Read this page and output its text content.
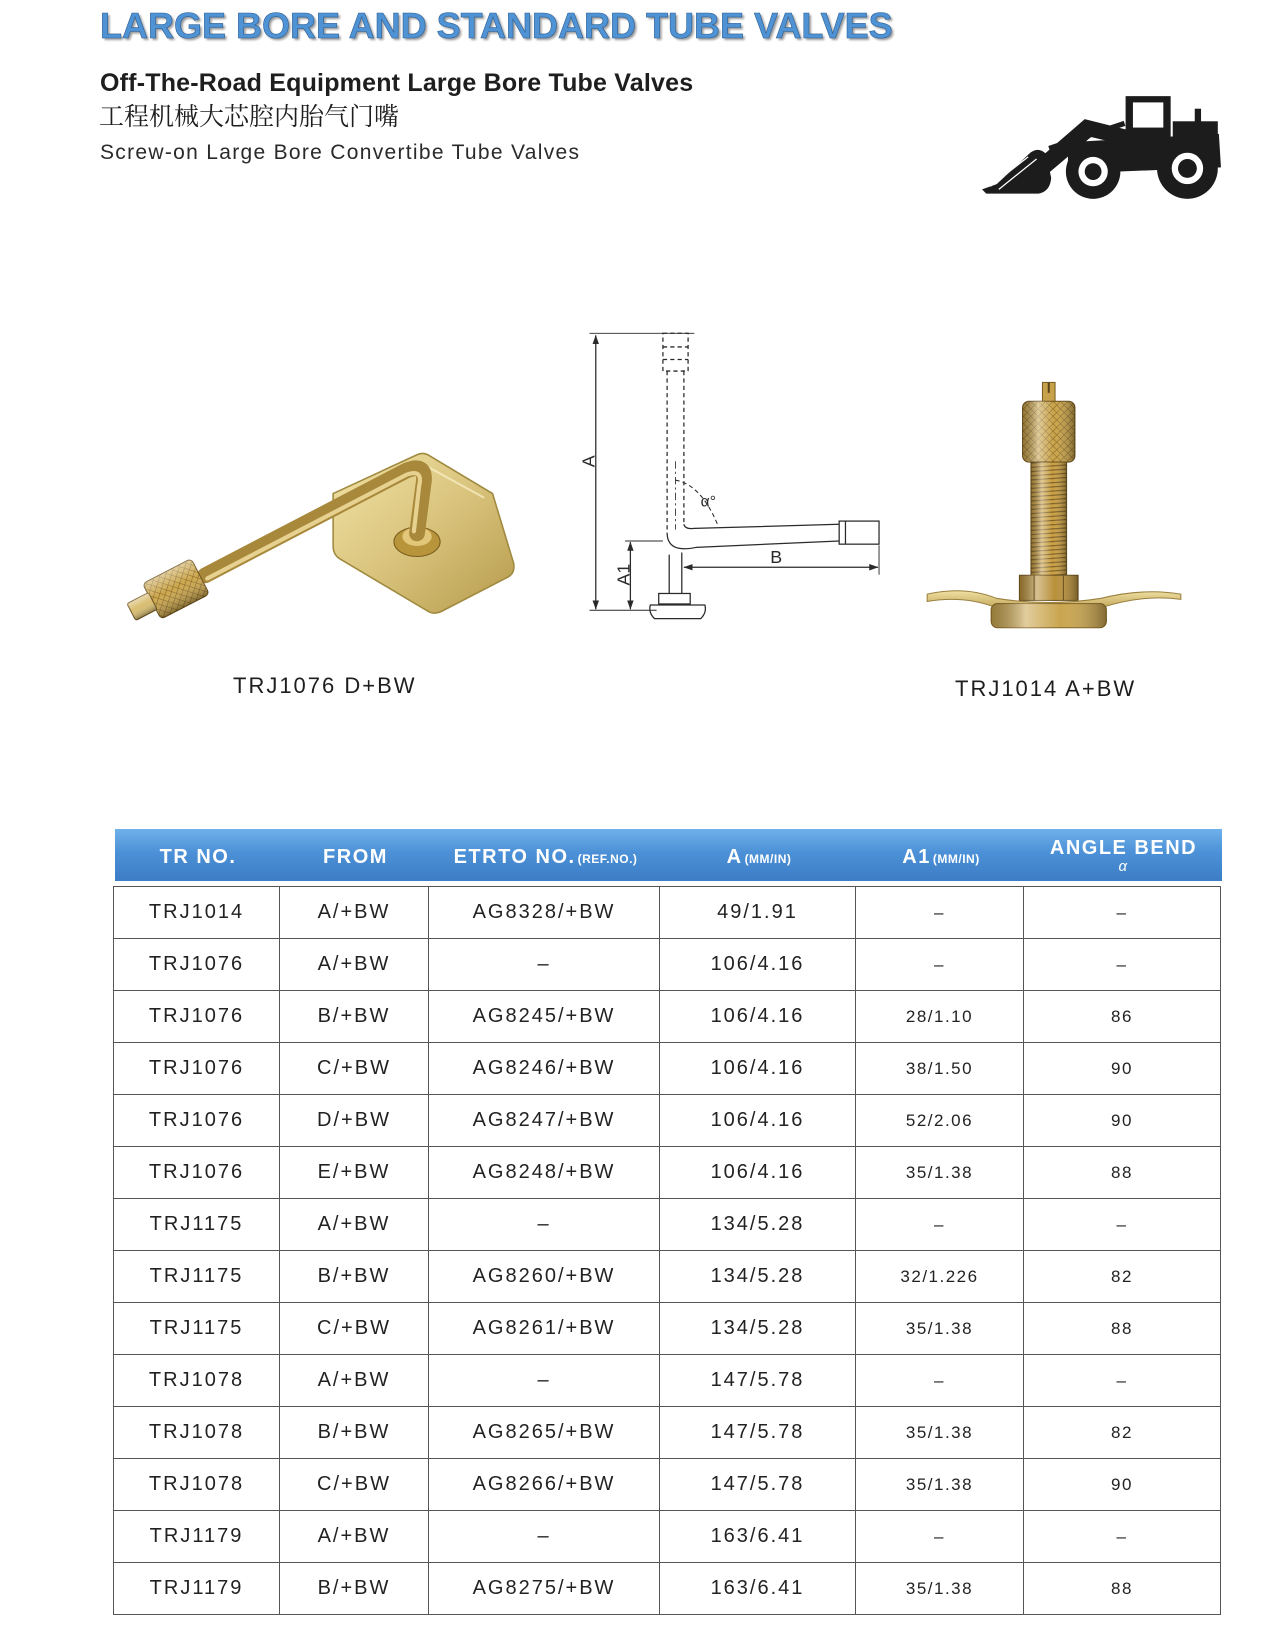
LARGE BORE AND STANDARD TUBE VALVES
Off-The-Road Equipment Large Bore Tube Valves
工程机械大芯腔内胎气门嘴
Screw-on Large Bore Convertibe Tube Valves
A
A1
B
α°
TRJ1076 D+BW	TRJ1014 A+BW
TR NO.	FROM	ETRTO NO. (REF.NO.)	A (MM/IN)	A1 (MM/IN)	ANGLE BEND
α
TRJ1014	A/+BW	AG8328/+BW	49/1.91	–	–
TRJ1076	A/+BW	–	106/4.16	–	–
TRJ1076	B/+BW	AG8245/+BW	106/4.16	28/1.10	86
TRJ1076	C/+BW	AG8246/+BW	106/4.16	38/1.50	90
TRJ1076	D/+BW	AG8247/+BW	106/4.16	52/2.06	90
TRJ1076	E/+BW	AG8248/+BW	106/4.16	35/1.38	88
TRJ1175	A/+BW	–	134/5.28	–	–
TRJ1175	B/+BW	AG8260/+BW	134/5.28	32/1.226	82
TRJ1175	C/+BW	AG8261/+BW	134/5.28	35/1.38	88
TRJ1078	A/+BW	–	147/5.78	–	–
TRJ1078	B/+BW	AG8265/+BW	147/5.78	35/1.38	82
TRJ1078	C/+BW	AG8266/+BW	147/5.78	35/1.38	90
TRJ1179	A/+BW	–	163/6.41	–	–
TRJ1179	B/+BW	AG8275/+BW	163/6.41	35/1.38	88
